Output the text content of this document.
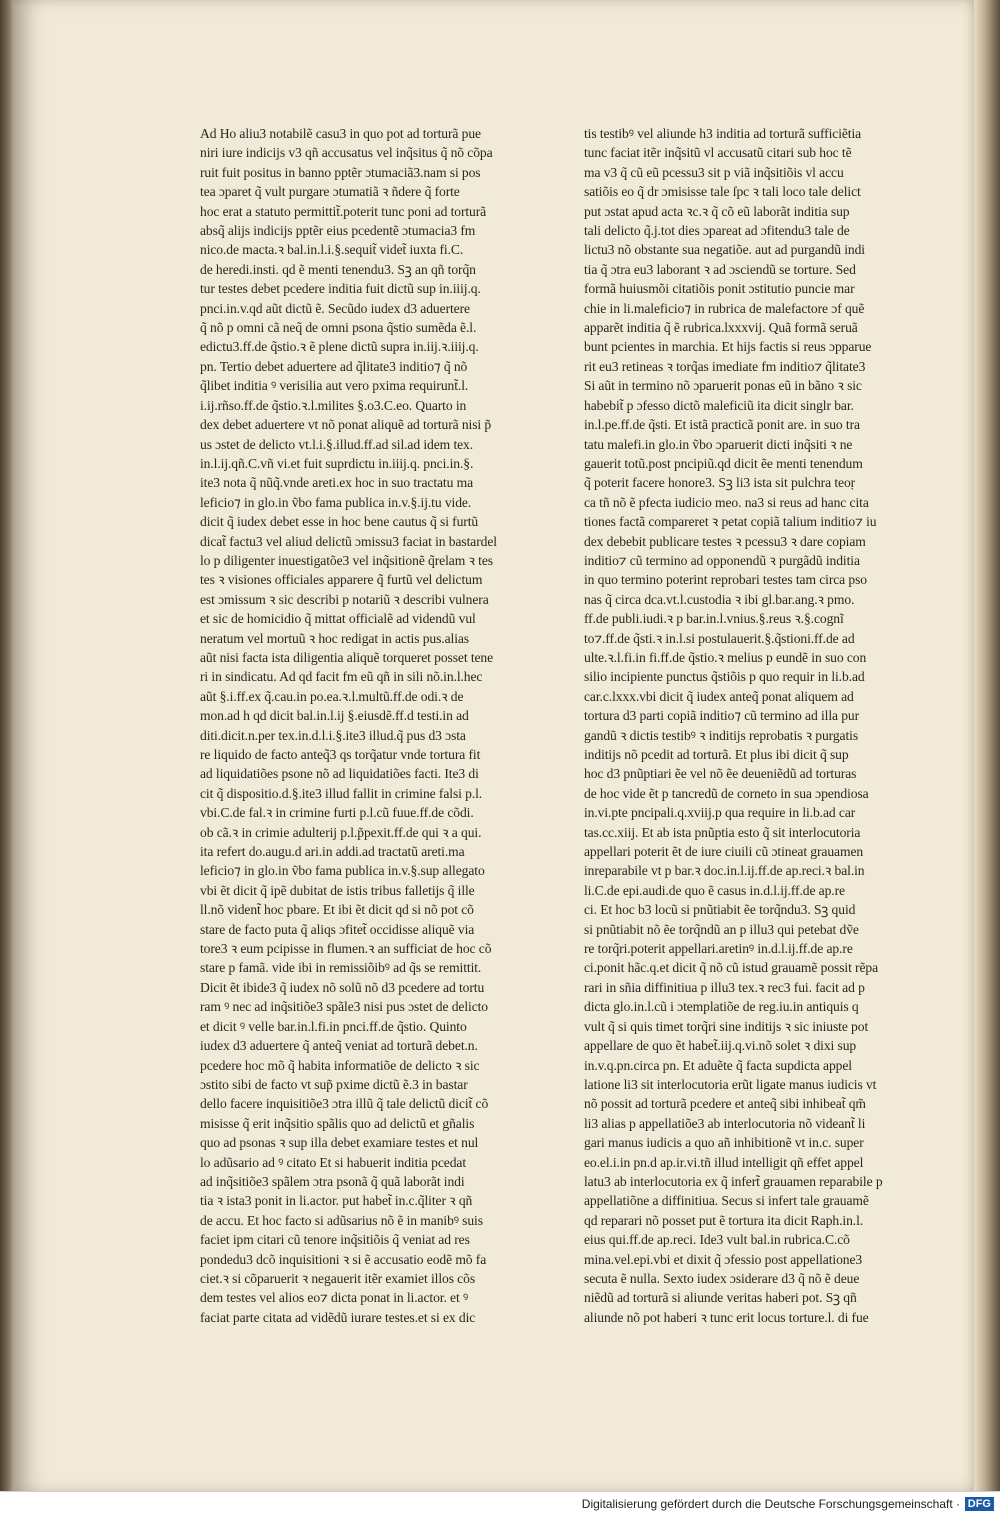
Ad Ho aliu3 notabilẽ casu3 in quo pot ad torturã pue
niri iure indicijs v3 qñ accusatus vel inq̃situs q̃ nõ cõpa
ruit fuit positus in banno pptẽr ɔtumaciã3.nam si pos
tea ɔparet q̃ vult purgare ɔtumatiã ꝛ ñdere q̃ forte
hoc erat a statuto permittit̃.poterit tunc poni ad torturã
absq̃ alijs indicijs pptẽr eius pcedentẽ ɔtumacia3 fm
nico.de macta.ꝛ bal.in.l.i.§.sequit̃ videt̃ iuxta fi.C.
de heredi.insti. qd ẽ menti tenendu3. Sꝫ an qñ torq̃n
tur testes debet pcedere inditia fuit dictũ sup in.iiij.q.
pnci.in.v.qd aũt dictũ ẽ. Secũdo iudex d3 aduertere
q̃ nõ p omni cã neq̃ de omni psona q̃stio sumẽda ẽ.l.
edictu3.ff.de q̃stio.ꝛ ẽ plene dictũ supra in.iij.ꝛ.iiij.q.
pn. Tertio debet aduertere ad q̃litate3 inditio⁊ q̃ nõ
q̃libet inditia ꝰ verisilia aut vero pxima requirunt̃.l.
i.ij.rñso.ff.de q̃stio.ꝛ.l.milites §.o3.C.eo. Quarto in
dex debet aduertere vt nõ ponat aliquẽ ad torturã nisi p̃
us ɔstet de delicto vt.l.i.§.illud.ff.ad sil.ad idem tex.
in.l.ij.qñ.C.vñ vi.et fuit suprdictu in.iiij.q. pnci.in.§.
ite3 nota q̃ nũq̃.vnde areti.ex hoc in suo tractatu ma
leficio⁊ in glo.in ṽbo fama publica in.v.§.ij.tu vide.
dicit q̃ iudex debet esse in hoc bene cautus q̃ si furtũ
dicat̃ factu3 vel aliud delictũ ɔmissu3 faciat in bastardel
lo p diligenter inuestigatõe3 vel inq̃sitionẽ q̃relam ꝛ tes
tes ꝛ visiones officiales apparere q̃ furtũ vel delictum
est ɔmissum ꝛ sic describi p notariũ ꝛ describi vulnera
et sic de homicidio q̃ mittat officialẽ ad videndũ vul
neratum vel mortuũ ꝛ hoc redigat in actis pus.alias
aũt nisi facta ista diligentia aliquẽ torqueret posset tene
ri in sindicatu. Ad qd facit fm eũ qñ in sili nõ.in.l.hec
aũt §.i.ff.ex q̃.cau.in po.ea.ꝛ.l.multũ.ff.de odi.ꝛ de
mon.ad h qd dicit bal.in.l.ij §.eiusdẽ.ff.d testi.in ad
diti.dicit.n.per tex.in.d.l.i.§.ite3 illud.q̃ pus d3 ɔsta
re liquido de facto anteq̃3 qs torq̃atur vnde tortura fit
ad liquidatiões psone nõ ad liquidatiões facti. Ite3 di
cit q̃ dispositio.d.§.ite3 illud fallit in crimine falsi p.l.
vbi.C.de fal.ꝛ in crimine furti p.l.cũ fuue.ff.de cõdi.
ob cã.ꝛ in crimie adulterij p.l.p̃pexit.ff.de qui ꝛ a qui.
ita refert do.augu.d ari.in addi.ad tractatũ areti.ma
leficio⁊ in glo.in ṽbo fama publica in.v.§.sup allegato
vbi ẽt dicit q̃ ipẽ dubitat de istis tribus falletijs q̃ ille
ll.nõ vident̃ hoc pbare. Et ibi ẽt dicit qd si nõ pot cõ
stare de facto puta q̃ aliqs ɔfitet̃ occidisse aliquẽ via
tore3 ꝛ eum pcipisse in flumen.ꝛ an sufficiat de hoc cõ
stare p famã. vide ibi in remissiõibꝰ ad q̃s se remittit.
Dicit ẽt ibide3 q̃ iudex nõ solũ nõ d3 pcedere ad tortu
ram ꝰ nec ad inq̃sitiõe3 spãle3 nisi pus ɔstet de delicto
et dicit ꝰ velle bar.in.l.fi.in pnci.ff.de q̃stio. Quinto
iudex d3 aduertere q̃ anteq̃ veniat ad torturã debet.n.
pcedere hoc mõ q̃ habita informatiõe de delicto ꝛ sic
ɔstito sibi de facto vt sup̃ pxime dictũ ẽ.3 in bastar
dello facere inquisitiõe3 ɔtra illũ q̃ tale delictũ dicit̃ cõ
misisse q̃ erit inq̃sitio spãlis quo ad delictũ et gñalis
quo ad psonas ꝛ sup illa debet examiare testes et nul
lo adũsario ad ꝰ citato Et si habuerit inditia pcedat
ad inq̃sitiõe3 spãlem ɔtra psonã q̃ quã laborãt indi
tia ꝛ ista3 ponit in li.actor. put habet̃ in.c.q̃liter ꝛ qñ
de accu. Et hoc facto si adũsarius nõ ẽ in manibꝰ suis
faciet ipm citari cũ tenore inq̃sitiõis q̃ veniat ad res
pondedu3 dcõ inquisitioni ꝛ si ẽ accusatio eodẽ mõ fa
ciet.ꝛ si cõparuerit ꝛ negauerit itẽr examiet illos cõs
dem testes vel alios eo⁊ dicta ponat in li.actor. et ꝰ
faciat parte citata ad vidẽdũ iurare testes.et si ex dic
tis testibꝰ vel aliunde h3 inditia ad torturã sufficiẽtia
tunc faciat itẽr inq̃sitũ vl accusatũ citari sub hoc tẽ
ma v3 q̃ cũ eũ pcessu3 sit p viã inq̃sitiõis vl accu
satiõis eo q̃ dr ɔmisisse tale ſpc ꝛ tali loco tale delict
put ɔstat apud acta ꝛc.ꝛ q̃ cõ eũ laborãt inditia sup
tali delicto q̃.j.tot dies ɔpareat ad ɔfitendu3 tale de
lictu3 nõ obstante sua negatiõe. aut ad purgandũ indi
tia q̃ ɔtra eu3 laborant ꝛ ad ɔsciendũ se torture. Sed
formã huiusmõi citatiõis ponit ɔstitutio puncie mar
chie in li.maleficio⁊ in rubrica de malefactore ɔf quẽ
apparẽt inditia q̃ ẽ rubrica.lxxxvij. Quã formã seruã
bunt pcientes in marchia. Et hijs factis si reus ɔpparue
rit eu3 retineas ꝛ torq̃as imediate fm inditio⁊ q̃litate3
Si aũt in termino nõ ɔparuerit ponas eũ in bãno ꝛ sic
habebit̃ p ɔfesso dictõ maleficiũ ita dicit singlr bar.
in.l.pe.ff.de q̃sti. Et istã practicã ponit are. in suo tra
tatu malefi.in glo.in ṽbo ɔparuerit dicti inq̃siti ꝛ ne
gauerit totũ.post pncipiũ.qd dicit ẽe menti tenendum
q̃ poterit facere honore3. Sꝫ li3 ista sit pulchra teoṛ
ca tñ nõ ẽ pfecta iudicio meo. na3 si reus ad hanc cita
tiones factã compareret ꝛ petat copiã talium inditio⁊ iu
dex debebit publicare testes ꝛ pcessu3 ꝛ dare copiam
inditio⁊ cũ termino ad opponendũ ꝛ purgãdũ inditia
in quo termino poterint reprobari testes tam circa pso
nas q̃ circa dca.vt.l.custodia ꝛ ibi gl.bar.ang.ꝛ pmo.
ff.de publi.iudi.ꝛ p bar.in.l.vnius.§.reus ꝛ.§.cognĩ
to⁊.ff.de q̃sti.ꝛ in.l.si postulauerit.§.q̃stioni.ff.de ad
ulte.ꝛ.l.fi.in fi.ff.de q̃stio.ꝛ melius p eundẽ in suo con
silio incipiente punctus q̃stiõis p quo requir in li.b.ad
car.c.lxxx.vbi dicit q̃ iudex anteq̃ ponat aliquem ad
tortura d3 parti copiã inditio⁊ cũ termino ad illa pur
gandũ ꝛ dictis testibꝰ ꝛ inditijs reprobatis ꝛ purgatis
inditijs nõ pcedit ad torturã. Et plus ibi dicit q̃ sup
hoc d3 pnũptiari ẽe vel nõ ẽe deueniẽdũ ad torturas
de hoc vide ẽt p tancredũ de corneto in sua ɔpendiosa
in.vi.pte pncipali.q.xviij.p qua require in li.b.ad car
tas.cc.xiij. Et ab ista pnũptia esto q̃ sit interlocutoria
appellari poterit ẽt de iure ciuili cũ ɔtineat grauamen
inreparabile vt p bar.ꝛ doc.in.l.ij.ff.de ap.reci.ꝛ bal.in
li.C.de epi.audi.de quo ẽ casus in.d.l.ij.ff.de ap.re
ci. Et hoc b3 locũ si pnũtiabit ẽe torq̃ndu3. Sꝫ quid
si pnũtiabit nõ ẽe torq̃ndũ an p illu3 qui petebat dṽe
re torq̃ri.poterit appellari.aretinꝰ in.d.l.ij.ff.de ap.re
ci.ponit hãc.q.et dicit q̃ nõ cũ istud grauamẽ possit rẽpa
rari in sñia diffinitiua p illu3 tex.ꝛ rec3 fui. facit ad p
dicta glo.in.l.cũ i ɔtemplatiõe de reg.iu.in antiquis q
vult q̃ si quis timet torq̃ri sine inditijs ꝛ sic iniuste pot
appellare de quo ẽt habet̃.iij.q.vi.nõ solet ꝛ dixi sup
in.v.q.pn.circa pn. Et aduẽte q̃ facta supdicta appel
latione li3 sit interlocutoria erũt ligate manus iudicis vt
nõ possit ad torturã pcedere et anteq̃ sibi inhibeat̃ qm̃
li3 alias p appellatiõe3 ab interlocutoria nõ videant̃ li
gari manus iudicis a quo añ inhibitionẽ vt in.c. super
eo.el.i.in pn.d ap.ir.vi.tñ illud intelligit qñ effet appel
latu3 ab interlocutoria ex q̃ infert̃ grauamen reparabile p
appellatiõne a diffinitiua. Secus si infert tale grauamẽ
qd reparari nõ posset put ẽ tortura ita dicit Raph.in.l.
eius qui.ff.de ap.reci. Ide3 vult bal.in rubrica.C.cõ
mina.vel.epi.vbi et dixit q̃ ɔfessio post appellatione3
secuta ẽ nulla. Sexto iudex ɔsiderare d3 q̃ nõ ẽ deue
niẽdũ ad torturã si aliunde veritas haberi pot. Sꝫ qñ
aliunde nõ pot haberi ꝛ tunc erit locus torture.l. di fue
Digitalisierung gefördert durch die Deutsche Forschungsgemeinschaft · DFG
